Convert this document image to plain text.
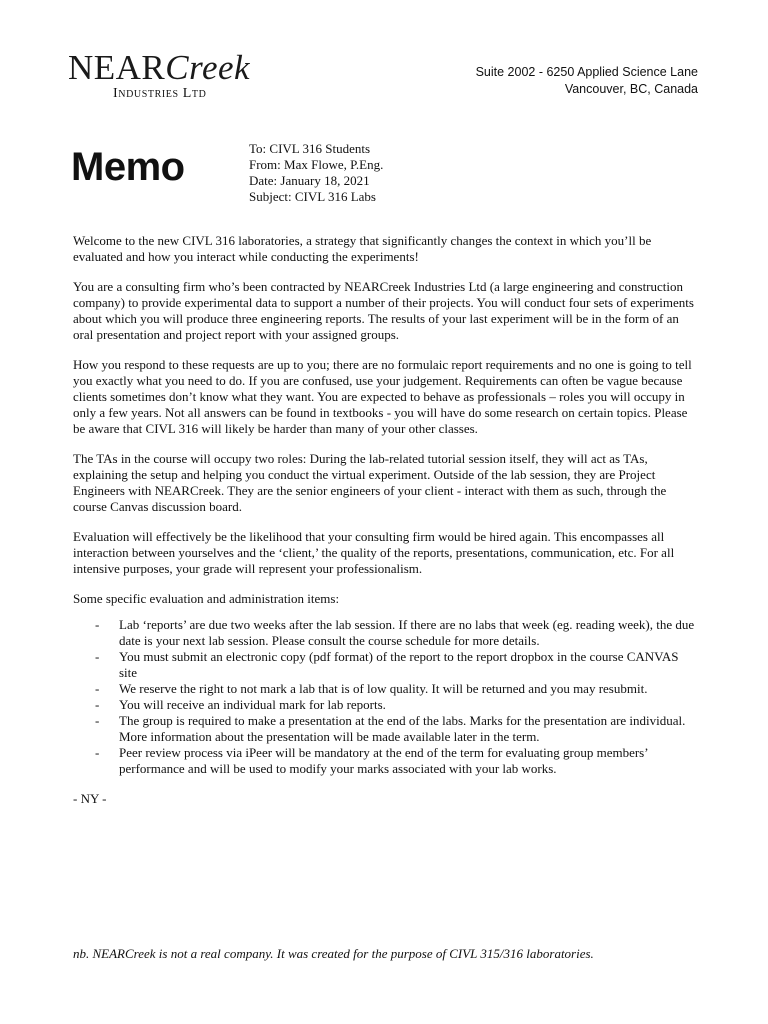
NEARCreek
Industries Ltd
Suite 2002 - 6250 Applied Science Lane
Vancouver, BC, Canada
Memo	To: CIVL 316 Students
From: Max Flowe, P.Eng.
Date: January 18, 2021
Subject: CIVL 316 Labs

Welcome to the new CIVL 316 laboratories, a strategy that significantly changes the context in which you’ll be evaluated and how you interact while conducting the experiments!

You are a consulting firm who’s been contracted by NEARCreek Industries Ltd (a large engineering and construction company) to provide experimental data to support a number of their projects. You will conduct four sets of experiments about which you will produce three engineering reports. The results of your last experiment will be in the form of an oral presentation and project report with your assigned groups.

How you respond to these requests are up to you; there are no formulaic report requirements and no one is going to tell you exactly what you need to do. If you are confused, use your judgement. Requirements can often be vague because clients sometimes don’t know what they want. You are expected to behave as professionals – roles you will occupy in only a few years. Not all answers can be found in textbooks - you will have do some research on certain topics. Please be aware that CIVL 316 will likely be harder than many of your other classes.

The TAs in the course will occupy two roles: During the lab-related tutorial session itself, they will act as TAs, explaining the setup and helping you conduct the virtual experiment. Outside of the lab session, they are Project Engineers with NEARCreek. They are the senior engineers of your client - interact with them as such, through the course Canvas discussion board.

Evaluation will effectively be the likelihood that your consulting firm would be hired again. This encompasses all interaction between yourselves and the ‘client,’ the quality of the reports, presentations, communication, etc. For all intensive purposes, your grade will represent your professionalism.

Some specific evaluation and administration items:

- Lab ‘reports’ are due two weeks after the lab session. If there are no labs that week (eg. reading week), the due date is your next lab session. Please consult the course schedule for more details.
- You must submit an electronic copy (pdf format) of the report to the report dropbox in the course CANVAS site
- We reserve the right to not mark a lab that is of low quality. It will be returned and you may resubmit.
- You will receive an individual mark for lab reports.
- The group is required to make a presentation at the end of the labs. Marks for the presentation are individual. More information about the presentation will be made available later in the term.
- Peer review process via iPeer will be mandatory at the end of the term for evaluating group members’ performance and will be used to modify your marks associated with your lab works.
- NY -
nb. NEARCreek is not a real company. It was created for the purpose of CIVL 315/316 laboratories.
